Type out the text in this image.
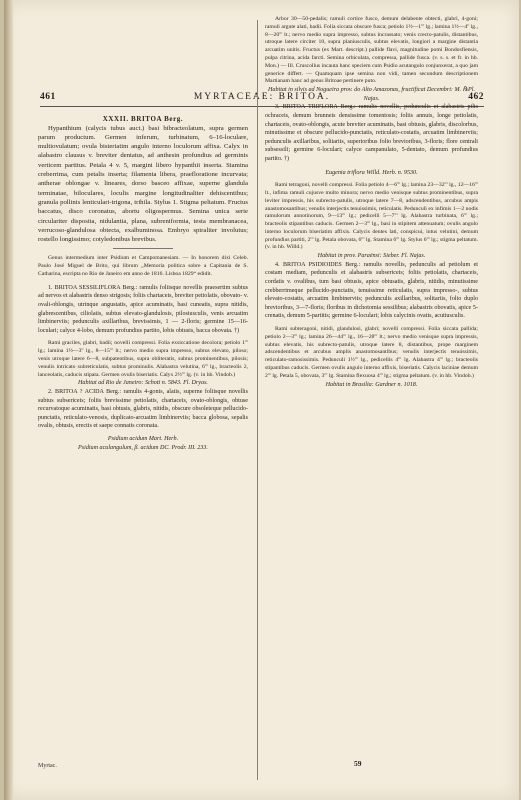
461	MYRTACEAE: BRITOA.	462

XXXII. BRITOA Berg.

Hypanthium (calycis tubus auct.) basi bibracteolatum, supra germen parum productum. Germen inferum, turbinatum, 6–16-loculare, multiovulatum; ovula bisteriatim angulo interno loculorum affixa. Calyx in alabastro clausus v. breviter dentatus, ad anthesin profundius ad germinis verticem partitus. Petala 4 v. 5, margini libero hypanthii inserta. Stamina creberrima, cum petalis inserta; filamenta libera, praefloratione incurvata; antherae oblongae v. lineares, dorso basceo affixae, superne glandula terminatae, biloculares, loculis margine longitudinaliter dehiscentibus; granula pollinis lenticulari-trigona, trihila. Stylus 1. Stigma peltatum. Fructus baccatus, disco coronatus, abortu oligospermus. Semina unica serie circulariter disposita, nidulantia, plana, subreniformia, testa membranacea, verrucoso-glandulosa obtecta, exalbuminosa. Embryo spiraliter involutus; rostello longissimo; cotyledonibus brevibus.

Genus intermedium inter Psidium et Campomanesiam. — In honorem dixi Celeb. Paulo José Miguel de Brito, qui librum „Memoria politica sobre a Capitania de S. Catharina, escripta no Rio de Janeiro em anno de 1816. Lisboa 1829“ edidit.

1. BRITOA SESSILIFLORA Berg.: ramulis foliisque novellis praesertim subtus ad nervos et alabastris denso strigosis; foliis chartaceis, breviter petiolatis, obovato- v. ovali-oblongis, utrinque angustatis, apice acuminatis, basi cuneatis, supra nitidis, glabrescentibus, ciliolatis, subtus elevato-glandulosis, pilosiusculis, venis arcuatim limbinerviis; pedunculis axillaribus, brevissimis, 1 — 2-floris; germine 15—16-loculari; calyce 4-lobo, demum profundius partito, lobis obtusis, bacca obovata. †)

Rami graciles, glabri, badii; novelli compressi. Folia exsiccatione decolora; petiolo 1''' lg.; lamina 1½—3'' lg., 8—15''' lt.; nervo medio supra impresso, subtus elevato, piloso; venis utroque latere 6—8, subpatentibus, supra obliteratis, subtus prominentibus, pilosis; venulis intricato subreticulatis, subtus prominulis. Alabastra velutina, 6''' lg., bracteolis 2, lanceolatis, caducis stipata. Germen ovulis biseriatis. Calyx 2½''' lg. (v. in hb. Vindob.)

Habitat ad Rio de Janeiro: Schott n. 5843. Fl. Dryas.

2. BRITOA ? ACIDA Berg.: ramulis 4-gonis, alatis, superne foliisque novellis subtus subsericeis; foliis brevissime petiolatis, chartaceis, ovato-oblongis, obtuse recurvatoque acuminatis, basi obtusis, glabris, nitidis, obscure obsoleteque pellucido-punctatis, reticulato-venosis, duplicato-arcuatim limbinerviis; bacca globosa, sepalis ovalis, obtusis, erectis et saepe connatis coronata.

Psidium acidum Mart. Herb.

Psidium aculangulum, β. acidum DC. Prodr. III. 233.

Myrtac.

Arbor 30—50-pedalis; ramuli cortice fusco, demum delabente obtecti, glabri, 4-goni; ramuli argute alati, badii. Folia siccata obscure fusca; petiolo 1½—1''' lg.; lamina 1½—4'' lg., 8—20''' lt.; nervo medio supra impresso, subtus incrassato; venis crecto-patulis, distantibus, utroque latere circiter 10, supra planiusculis, subtus elevatis, longiori a margine distantia arcuatim unitis. Fructus (ex Mart. descript.) pallide flavi, magnitudine pomi Bondosfiensis, pulpa citrina, acida farcti. Semina orbiculata, compressa, pallide fusca. (v. s. s. et fr. in hb. Mon.) — Ill. Cruscollus incauta hanc speciem cum Psidio acutangulo conjunxerat, a quo jam generice differt. — Quamquam ipse semina non vidi, tamen secundum descriptionem Martianam hanc ad genus Britoae pertinere puto.

Habitat in silvis ad Nogueira prov. do Alto Amazonas, fructificat Decembri: M. ℞Pl. Najas.

3. BRITOA TRIFLORA Berg.: ramulis novellis, pedunculis et alabastris pilis ochraceis, demum brunneis densissime tomentosis; foliis annuis, longe petiolatis, chartaceis, ovato-oblongis, acute breviter acuminatis, basi obtusis, glabris, discolorbus, minutissime et obscure pellucido-punctatis, reticulato-costatis, arcuatim limbinerviis; pedunculis axillaribus, solitariis, superioribus folio brevioribus, 3-floris; flore centrali subsessili; germine 6-loculari; calyce campanulato, 5-dentato, demum profundius partito. †)

Eugenia triflora Willd. Herb. n. 9530.

Rami tetragoni, novelli compressi. Folia petiolo 4—6''' lg.; lamina 23—32''' lg., 12—16''' lt., infima ramuli cujusve multo minora; nervo medio venisque subtus prominentibus, supra leviter impressis, his subrecto-patulis, utroque latere 7—8, adscendentibus, arcubus ampis anastomosantibus; venulis interjectis tenuissimis, reticulatis. Pedunculi ex infimis 1—2 nodis ramulorum annotinorum, 9—13''' lg.; pedicelli 5—7''' lg. Alabastra turbinata, 6''' lg.; bracteolis stipantibus caducis. Germen 2—3''' lg., basi in stipitem attenuatum; ovulis angulo interno loculorum biseriatim affixis. Calycis dentes lati, conspicui, intus velutini, demum profundius partiti, 2''' lg. Petala obovata, 6''' lg. Stamina 6''' lg. Stylus 6''' lg.; stigma peltatum. (v. in hb. Willd.)

Habitat in prov. Paraënsi: Sieber. Fl. Najas.

4. BRITOA PSIDIOIDES Berg.: ramulis novellis, pedunculis ad petiolum et costam mediam, pedunculis et alabastris subsericeis; foliis petiolatis, chartaceis, cordatis v. ovalibus, tum basi obtusis, apice obtusatis, glabris, nitidis, minutissime crebberrimeque pellucido-punctatis, tenuissime reticulatis, supra impresso-, subtus elevato-costatis, arcuatim limbinerviis; pedunculis axillaribus, solitariis, folio duplo brevioribus, 3—7-floris; floribus in dichotomia sessilibus; alabastris obovatis, apice 5-crenatis, demum 5-partitis; germine 6-loculari; lobis calycinis ovatis, acutiusculis.

Rami subteragoni, nitidi, glandulosi, glabri; novelli compressi. Folia siccata pallida; petiolo 2—3''' lg.; lamina 26—44''' lg., 16—28''' lt.; nervo medio venisque supra impressis, subtus elevatis, his subrecto-patulis, utroque latere 8, distantibus, prope marginem adscendentibus et arcubus amplis anastomosantibus; venulis interjectis tenuissimis, reticulato-ramosissimis. Pedunculi 1½''' lg., pedicellis 4''' lg. Alabastra 4''' lg.; bracteolis stipantibus caducis. Germen ovulis angulo interno affixis, biseriatis. Calycis laciniae demum 2''' lg. Petala 5, obovata, 3''' lg. Stamina flexuosa 4''' lg.; stigma peltatum. (v. in hb. Vindob.)

Habitat in Brasilia: Gardner n. 1018.

59
